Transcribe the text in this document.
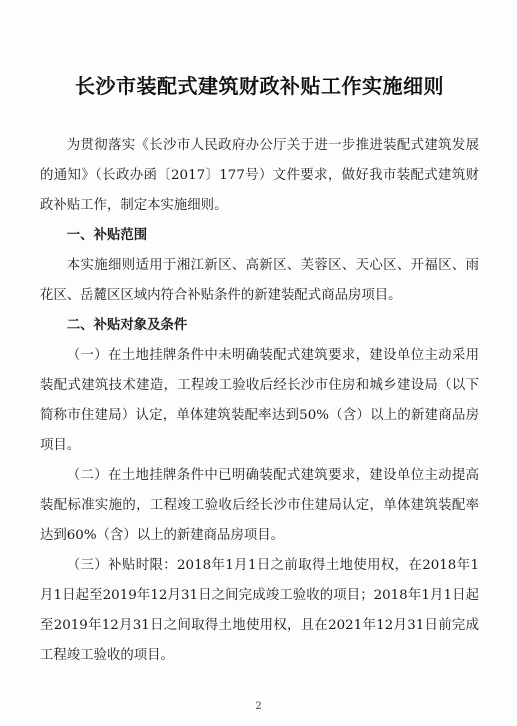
长沙市装配式建筑财政补贴工作实施细则

为贯彻落实《长沙市人民政府办公厅关于进一步推进装配式建筑发展的通知》（长政办函〔2017〕177号）文件要求，做好我市装配式建筑财政补贴工作，制定本实施细则。

一、补贴范围

本实施细则适用于湘江新区、高新区、芙蓉区、天心区、开福区、雨花区、岳麓区区域内符合补贴条件的新建装配式商品房项目。

二、补贴对象及条件

（一）在土地挂牌条件中未明确装配式建筑要求，建设单位主动采用装配式建筑技术建造，工程竣工验收后经长沙市住房和城乡建设局（以下简称市住建局）认定，单体建筑装配率达到50%（含）以上的新建商品房项目。

（二）在土地挂牌条件中已明确装配式建筑要求，建设单位主动提高装配标准实施的，工程竣工验收后经长沙市住建局认定，单体建筑装配率达到60%（含）以上的新建商品房项目。

（三）补贴时限：2018年1月1日之前取得土地使用权，在2018年1月1日起至2019年12月31日之间完成竣工验收的项目；2018年1月1日起至2019年12月31日之间取得土地使用权，且在2021年12月31日前完成工程竣工验收的项目。

2
